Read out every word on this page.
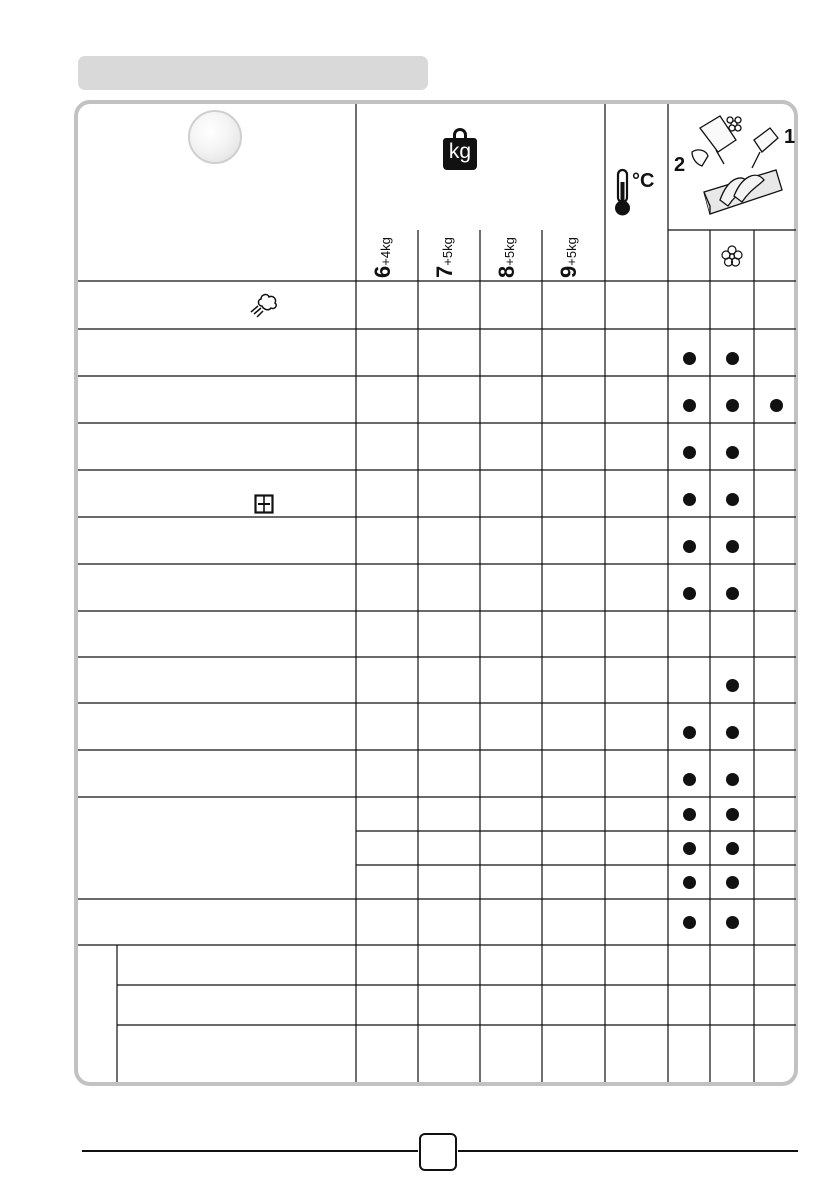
kg
6+4kg
7+5kg
8+5kg
9+5kg
°C
2
1
